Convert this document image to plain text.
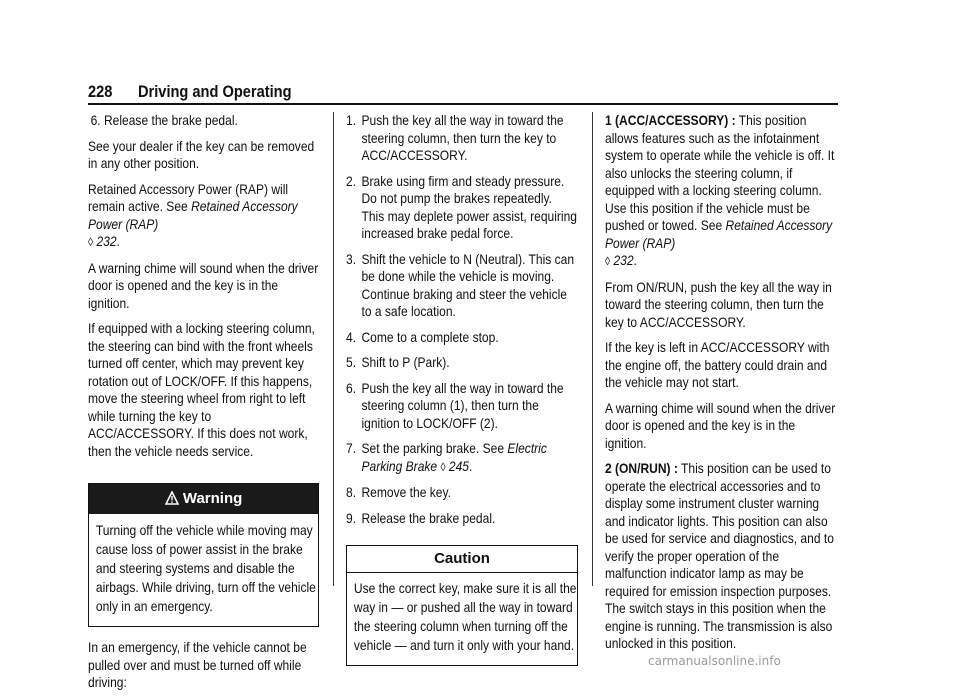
228 Driving and Operating

6. Release the brake pedal.

See your dealer if the key can be removed in any other position.

Retained Accessory Power (RAP) will remain active. See Retained Accessory Power (RAP)
◊ 232.

A warning chime will sound when the driver door is opened and the key is in the ignition.

If equipped with a locking steering column, the steering can bind with the front wheels turned off center, which may prevent key rotation out of LOCK/OFF. If this happens, move the steering wheel from right to left while turning the key to ACC/ACCESSORY. If this does not work, then the vehicle needs service.

Warning
Turning off the vehicle while moving may cause loss of power assist in the brake and steering systems and disable the airbags. While driving, turn off the vehicle only in an emergency.

In an emergency, if the vehicle cannot be pulled over and must be turned off while driving:

1. Push the key all the way in toward the steering column, then turn the key to ACC/ACCESSORY.
2. Brake using firm and steady pressure. Do not pump the brakes repeatedly. This may deplete power assist, requiring increased brake pedal force.
3. Shift the vehicle to N (Neutral). This can be done while the vehicle is moving. Continue braking and steer the vehicle to a safe location.
4. Come to a complete stop.
5. Shift to P (Park).
6. Push the key all the way in toward the steering column (1), then turn the ignition to LOCK/OFF (2).
7. Set the parking brake. See Electric Parking Brake ◊ 245.
8. Remove the key.
9. Release the brake pedal.
Caution
Use the correct key, make sure it is all the way in — or pushed all the way in toward the steering column when turning off the vehicle — and turn it only with your hand.

1 (ACC/ACCESSORY) : This position allows features such as the infotainment system to operate while the vehicle is off. It also unlocks the steering column, if equipped with a locking steering column. Use this position if the vehicle must be pushed or towed. See Retained Accessory Power (RAP)
◊ 232.

From ON/RUN, push the key all the way in toward the steering column, then turn the key to ACC/ACCESSORY.

If the key is left in ACC/ACCESSORY with the engine off, the battery could drain and the vehicle may not start.

A warning chime will sound when the driver door is opened and the key is in the ignition.

2 (ON/RUN) : This position can be used to operate the electrical accessories and to display some instrument cluster warning and indicator lights. This position can also be used for service and diagnostics, and to verify the proper operation of the malfunction indicator lamp as may be required for emission inspection purposes. The switch stays in this position when the engine is running. The transmission is also unlocked in this position.

carmanualsonline.info
